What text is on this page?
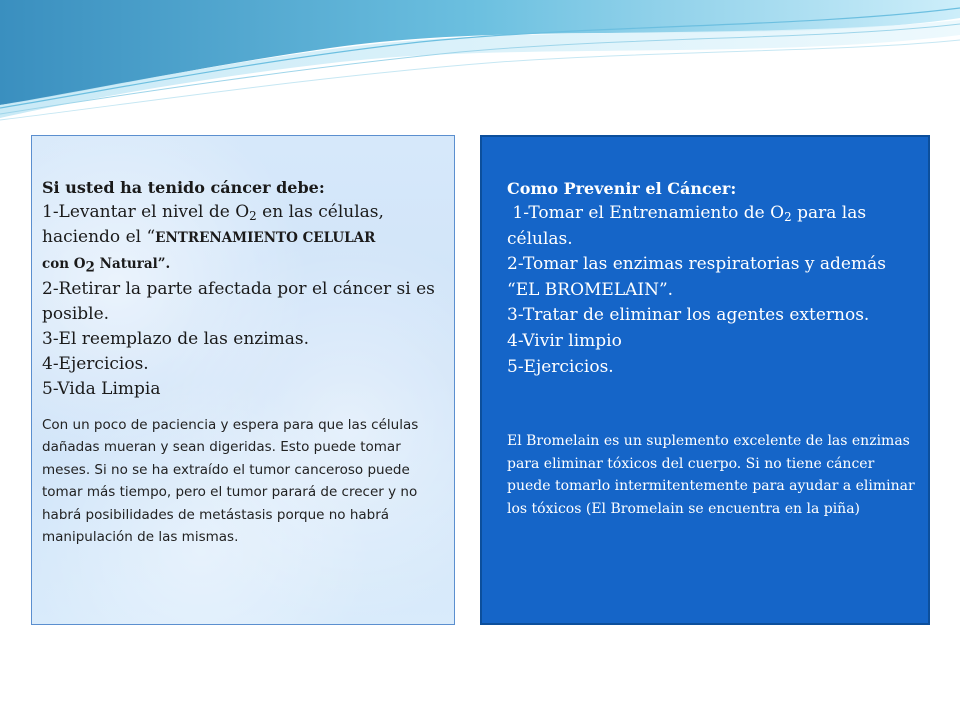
Si usted ha tenido cáncer debe:

1-Levantar el nivel de $O_2$ en las células,

haciendo el “ENTRENAMIENTO CELULAR

con $O_2$ Natural”.

2-Retirar la parte afectada por el cáncer si es posible.

3-El reemplazo de las enzimas.

4-Ejercicios.

5-Vida Limpia

Con un poco de paciencia y espera para que las células dañadas mueran y sean digeridas. Esto puede tomar meses. Si no se ha extraído el tumor canceroso puede tomar más tiempo, pero el tumor parará de crecer y no habrá posibilidades de metástasis porque no habrá manipulación de las mismas.

Como Prevenir el Cáncer:

1-Tomar el Entrenamiento de $O_2$ para las células.

2-Tomar las enzimas respiratorias y además “EL BROMELAIN”.

3-Tratar de eliminar los agentes externos.

4-Vivir limpio

5-Ejercicios.

El Bromelain es un suplemento excelente de las enzimas para eliminar tóxicos del cuerpo. Si no tiene cáncer puede tomarlo intermitentemente para ayudar a eliminar los tóxicos (El Bromelain se encuentra en la piña)
